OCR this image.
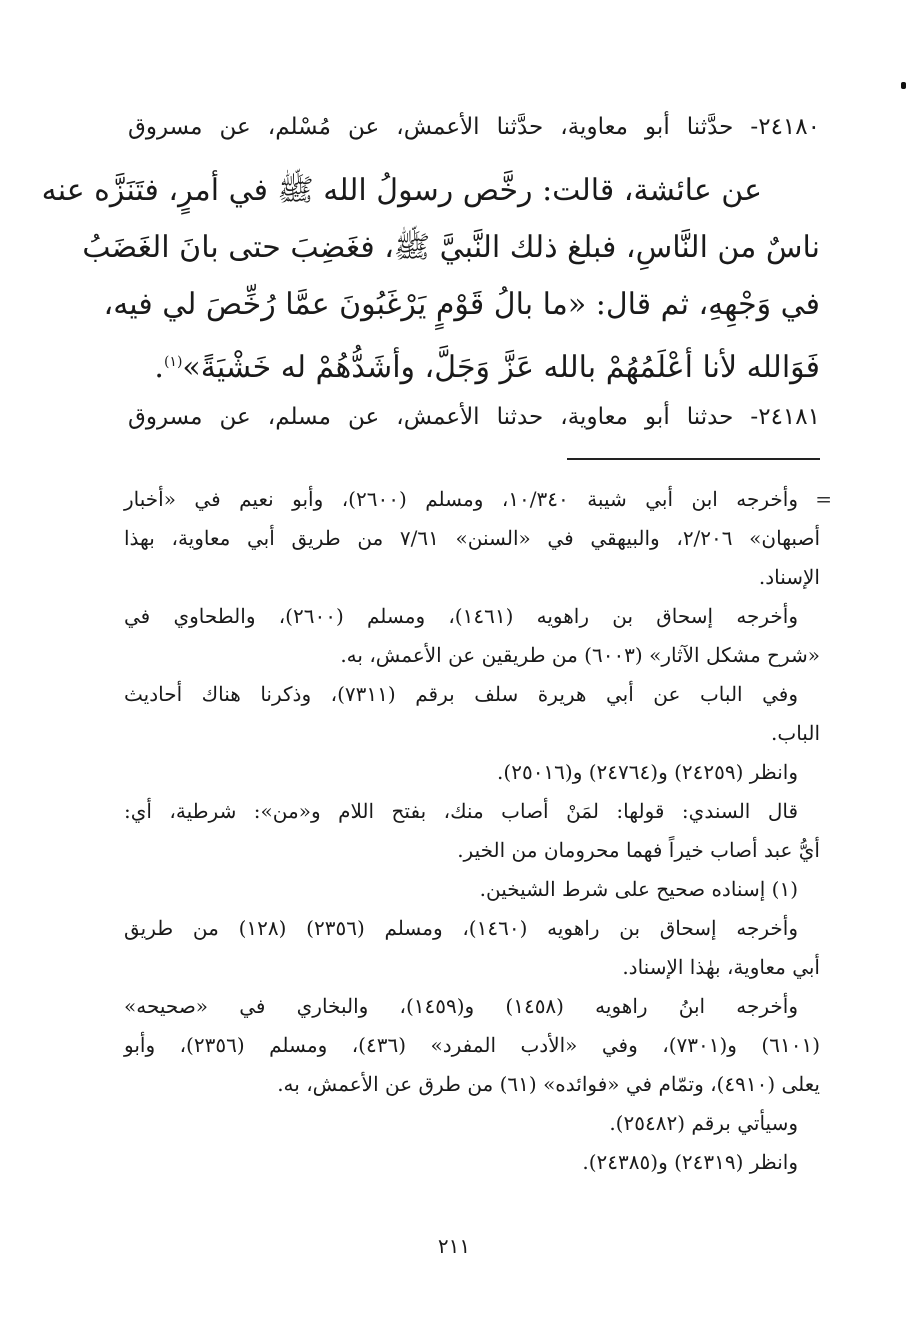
٢٤١٨٠- حدَّثنا أبو معاوية، حدَّثنا الأعمش، عن مُسْلم، عن مسروق
عن عائشة، قالت: رخَّص رسولُ الله ﷺ في أمرٍ، فتَنَزَّه عنه
ناسٌ من النَّاسِ، فبلغ ذلك النَّبيَّ ﷺ، فغَضِبَ حتى بانَ الغَضَبُ
في وَجْهِهِ، ثم قال: «ما بالُ قَوْمٍ يَرْغَبُونَ عمَّا رُخِّصَ لي فيه،
فَوَالله لأنا أعْلَمُهُمْ بالله عَزَّ وَجَلَّ، وأشَدُّهُمْ له خَشْيَةً»$^{(١)}$.
٢٤١٨١- حدثنا أبو معاوية، حدثنا الأعمش، عن مسلم، عن مسروق
=
وأخرجه ابن أبي شيبة ١٠/٣٤٠، ومسلم (٢٦٠٠)، وأبو نعيم في «أخبار
أصبهان» ٢/٢٠٦، والبيهقي في «السنن» ٧/٦١ من طريق أبي معاوية، بهذا
الإسناد.
وأخرجه إسحاق بن راهويه (١٤٦١)، ومسلم (٢٦٠٠)، والطحاوي في
«شرح مشكل الآثار» (٦٠٠٣) من طريقين عن الأعمش، به.
وفي الباب عن أبي هريرة سلف برقم (٧٣١١)، وذكرنا هناك أحاديث
الباب.
وانظر (٢٤٢٥٩) و(٢٤٧٦٤) و(٢٥٠١٦).
قال السندي: قولها: لمَنْ أصاب منك، بفتح اللام و«من»: شرطية، أي:
أيُّ عبد أصاب خيراً فهما محرومان من الخير.
(١) إسناده صحيح على شرط الشيخين.
وأخرجه إسحاق بن راهويه (١٤٦٠)، ومسلم (٢٣٥٦) (١٢٨) من طريق
أبي معاوية، بهٰذا الإسناد.
وأخرجه ابنُ راهويه (١٤٥٨) و(١٤٥٩)، والبخاري في «صحيحه»
(٦١٠١) و(٧٣٠١)، وفي «الأدب المفرد» (٤٣٦)، ومسلم (٢٣٥٦)، وأبو
يعلى (٤٩١٠)، وتمّام في «فوائده» (٦١) من طرق عن الأعمش، به.
وسيأتي برقم (٢٥٤٨٢).
وانظر (٢٤٣١٩) و(٢٤٣٨٥).
٢١١
